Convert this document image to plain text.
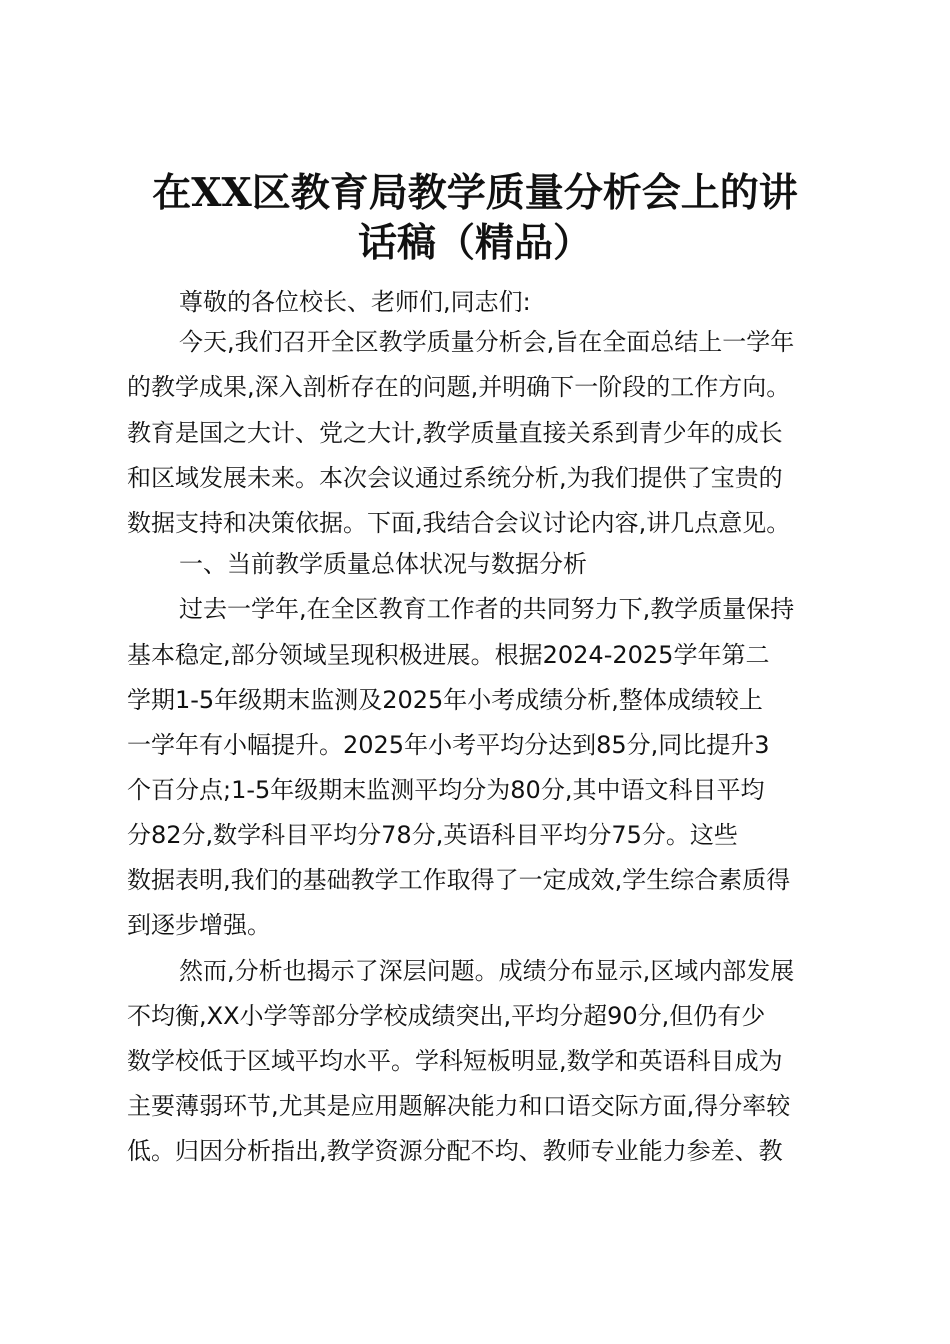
在XX区教育局教学质量分析会上的讲
话稿（精品）
尊敬的各位校长、老师们,同志们:
今天,我们召开全区教学质量分析会,旨在全面总结上一学年
的教学成果,深入剖析存在的问题,并明确下一阶段的工作方向。
教育是国之大计、党之大计,教学质量直接关系到青少年的成长
和区域发展未来。本次会议通过系统分析,为我们提供了宝贵的
数据支持和决策依据。下面,我结合会议讨论内容,讲几点意见。
一、当前教学质量总体状况与数据分析
过去一学年,在全区教育工作者的共同努力下,教学质量保持
基本稳定,部分领域呈现积极进展。根据2024-2025学年第二
学期1-5年级期末监测及2025年小考成绩分析,整体成绩较上
一学年有小幅提升。2025年小考平均分达到85分,同比提升3
个百分点;1-5年级期末监测平均分为80分,其中语文科目平均
分82分,数学科目平均分78分,英语科目平均分75分。这些
数据表明,我们的基础教学工作取得了一定成效,学生综合素质得
到逐步增强。
然而,分析也揭示了深层问题。成绩分布显示,区域内部发展
不均衡,XX小学等部分学校成绩突出,平均分超90分,但仍有少
数学校低于区域平均水平。学科短板明显,数学和英语科目成为
主要薄弱环节,尤其是应用题解决能力和口语交际方面,得分率较
低。归因分析指出,教学资源分配不均、教师专业能力参差、教
